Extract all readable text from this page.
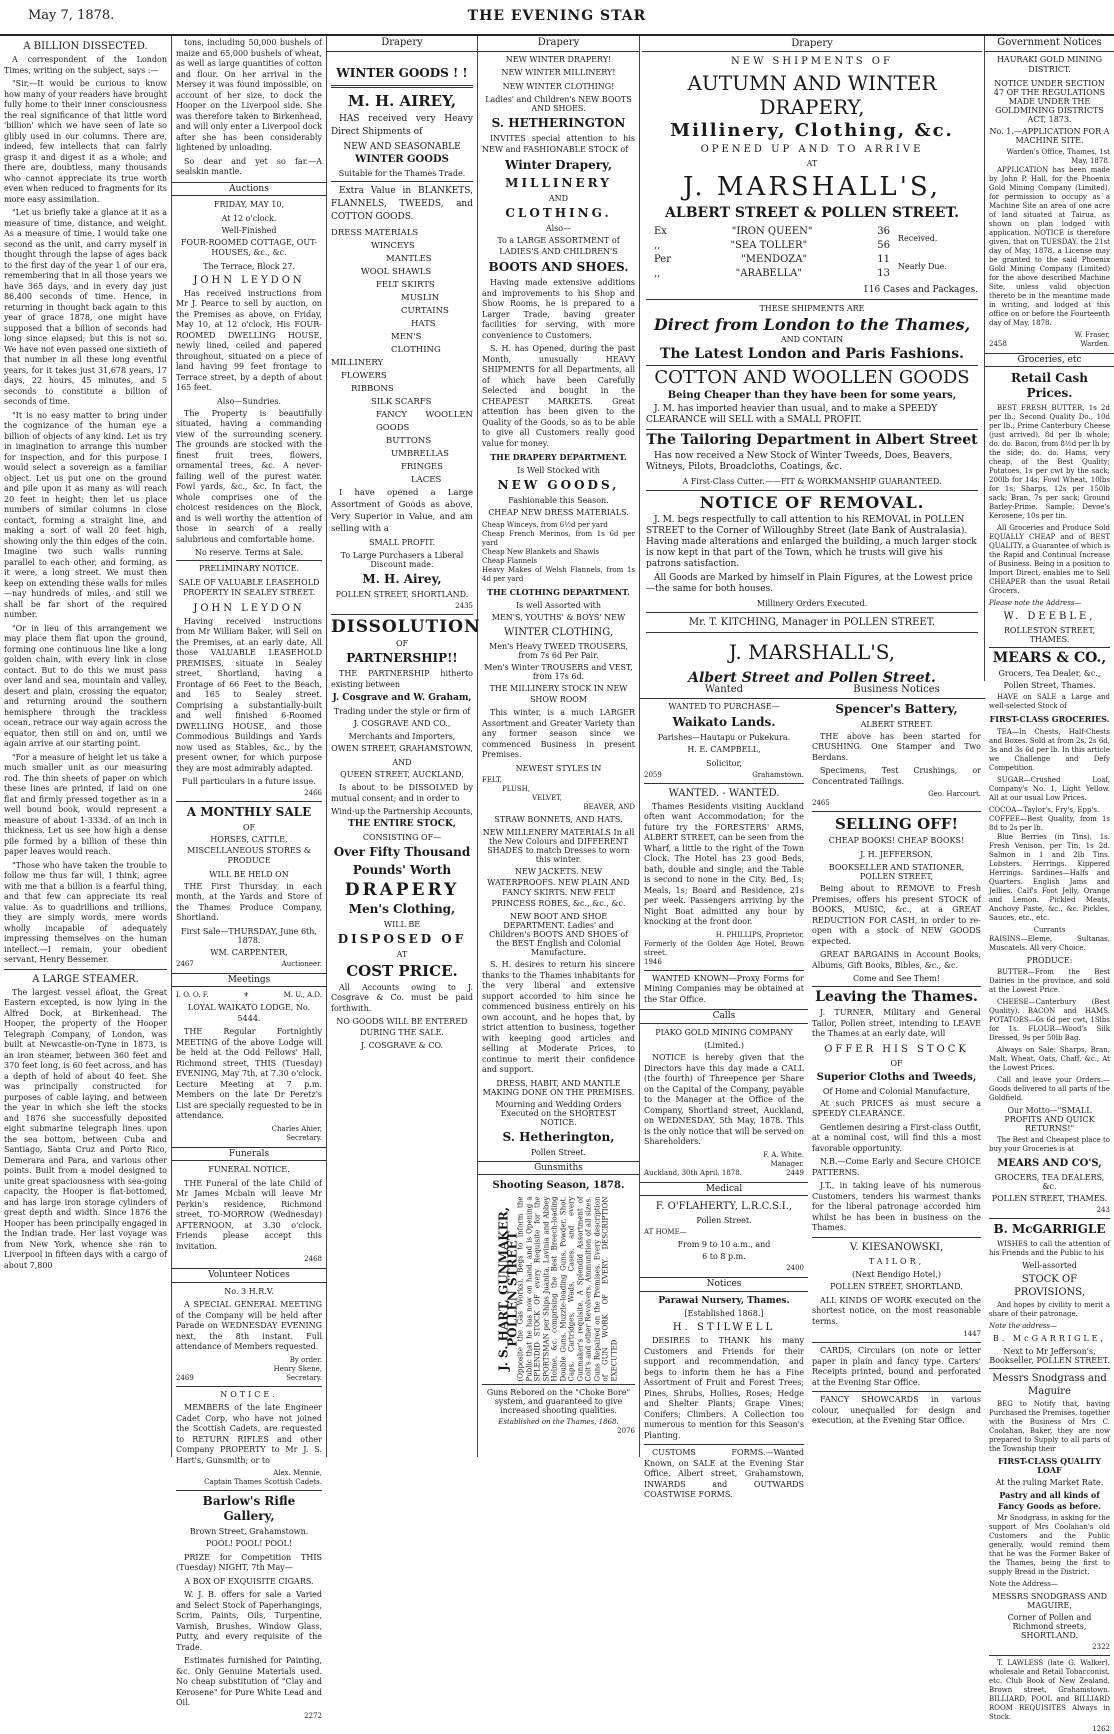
May 7, 1878.	THE EVENING STAR
A BILLION DISSECTED.
A correspondent of the London Times, writing on the subject, says :—
"Sir,—It would be curious to know how many of your readers have brought fully home to their inner consciousness the real significance of that little word 'billion' which we have seen of late so glibly used in our columns. There are, indeed, few intellects that can fairly grasp it and digest it as a whole; and there are, doubtless, many thousands who cannot appreciate its true worth even when reduced to fragments for its more easy assimilation.
"Let us briefly take a glance at it as a measure of time, distance, and weight. As a measure of time, I would take one second as the unit, and carry myself in thought through the lapse of ages back to the first day of the year 1 of our era, remembering that in all those years we have 365 days, and in every day just 86,400 seconds of time. Hence, in returning in thought back again to this year of grace 1878, one might have supposed that a billion of seconds had long since elapsed; but this is not so. We have not even passed one sixtieth of that number in all these long eventful years, for it takes just 31,678 years, 17 days, 22 hours, 45 minutes, and 5 seconds to constitute a billion of seconds of time.
"It is no easy matter to bring under the cognizance of the human eye a billion of objects of any kind. Let us try in imagination to arrange this number for inspection, and for this purpose I would select a sovereign as a familiar object. Let us put one on the ground and pile upon it as many as will reach 20 feet in height; then let us place numbers of similar columns in close contact, forming a straight line, and making a sort of wall 20 feet high, showing only the thin edges of the coin. Imagine two such walls running parallel to each other, and forming, as it were, a long street. We must then keep on extending these walls for miles—nay hundreds of miles, and still we shall be far short of the required number.
"Or in lieu of this arrangement we may place them flat upon the ground, forming one continuous line like a long golden chain, with every link in close contact. But to do this we must pass over land and sea, mountain and valley, desert and plain, crossing the equator, and returning around the southern hemisphere through the trackless ocean, retrace our way again across the equator, then still on and on, until we again arrive at our starting point.
"For a measure of height let us take a much smaller unit as our measuring rod. The thin sheets of paper on which these lines are printed, if laid on one flat and firmly pressed together as in a well bound book, would represent a measure of about 1-333d. of an inch in thickness. Let us see how high a dense pile formed by a billion of these thin paper leaves would reach.
"Those who have taken the trouble to follow me thus far will, I think, agree with me that a billion is a fearful thing, and that few can appreciate its real value. As to quadrillions and trillions, they are simply words, mere words wholly incapable of adequately impressing themselves on the human intellect.—I remain, your obedient servant, Henry Bessemer.
A LARGE STEAMER.
The largest vessel afloat, the Great Eastern excepted, is now lying in the Alfred Dock, at Birkenhead. The Hooper, the property of the Hooper Telegraph Company, of London, was built at Newcastle-on-Tyne in 1873, is an iron steamer, between 360 feet and 370 feet long, is 60 feet across, and has a depth of hold of about 40 feet. She was principally constructed for purposes of cable laying, and between the year in which she left the stocks and 1876 she successfully deposited eight submarine telegraph lines upon the sea bottom, between Cuba and Santiago, Santa Cruz and Porto Rico, Demerara and Para, and various other points. Built from a model designed to unite great spaciousness with sea-going capacity, the Hooper is flat-bottomed, and has large iron storage cylinders of great depth and width. Since 1876 the Hooper has been principally engaged in the Indian trade. Her last voyage was from New York, whence she ran to Liverpool in fifteen days with a cargo of about 7,800
tons, including 50,000 bushels of maize and 65,000 bushels of wheat, as well as large quantities of cotton and flour. On her arrival in the Mersey it was found impossible, on account of her size, to dock the Hooper on the Liverpool side. She was therefore taken to Birkenhead, and will only enter a Liverpool dock after she has been considerably lightened by unloading.
So dear and yet so far.—A sealskin mantle.
Auctions
FRIDAY, MAY 10,
At 12 o'clock.
Well-Finished
FOUR-ROOMED COTTAGE, OUT-HOUSES, &c., &c.
The Terrace, Block 27.
JOHN LEYDON
Has received instructions from Mr J. Pearce to sell by auction, on the Premises as above, on Friday, May 10, at 12 o'clock, His FOUR-ROOMED DWELLING HOUSE, newly lined, ceiled and papered throughout, situated on a piece of land having 99 feet frontage to Terrace street, by a depth of about 165 feet.
Also—Sundries.
The Property is beautifully situated, having a commanding view of the surrounding scenery. The grounds are stocked with the finest fruit trees, flowers, ornamental trees, &c. A never-failing well of the purest water. Fowl yards, &c., &c. In fact, the whole comprises one of the choicest residences on the Block, and is well worthy the attention of those in search of a really salubrious and comfortable home.
No reserve. Terms at Sale.
PRELIMINARY NOTICE.
SALE OF VALUABLE LEASEHOLD PROPERTY IN SEALEY STREET.
JOHN LEYDON
Having received instructions from Mr William Baker, will Sell on the Premises, at an early date, All those VALUABLE LEASEHOLD PREMISES, situate in Sealey street, Shortland, having a Frontage of 66 Feet to the Beach, and 165 to Sealey street. Comprising a substantially-built and well finished 6-Roomed DWELLING HOUSE, and those Commodious Buildings and Yards now used as Stables, &c., by the present owner, for which purpose they are most admirably adapted.
Full particulars in a future issue.
2466
A MONTHLY SALE
OF
HORSES, CATTLE, MISCELLANEOUS STORES & PRODUCE
WILL BE HELD ON
THE First Thursday in each month, at the Yards and Store of the Thames Produce Company, Shortland.
First Sale—THURSDAY, June 6th, 1878.
WM. CARPENTER,
2467	Auctioneer.
Meetings
I. O. O. F.	⚜	M. U., A.D.
LOYAL WAIKATO LODGE, No. 5444.
THE Regular Fortnightly MEETING of the above Lodge will be held at the Odd Fellows' Hall, Richmond street, THIS (Tuesday) EVENING, May 7th, at 7.30 o'clock. Lecture Meeting at 7 p.m. Members on the late Dr Peretz's List are specially requested to be in attendance.
Charles Ahier,
Secretary.
Funerals
FUNERAL NOTICE.
THE Funeral of the late Child of Mr James Mcbain will leave Mr Perkin's residence, Richmond street, TO-MORROW (Wednesday) AFTERNOON, at 3.30 o'clock. Friends please accept this invitation.
2468
Volunteer Notices
No. 3 H.R.V.
A SPECIAL GENERAL MEETING of the Company will be held after Parade on WEDNESDAY EVENING next, the 8th instant. Full attendance of Members requested.
By order.
Henry Skene,
2469	Secretary.
NOTICE.
MEMBERS of the late Engineer Cadet Corp, who have not joined the Scottish Cadets, are requested to RETURN RIFLES and other Company PROPERTY to Mr J. S. Hart's, Gunsmith; or to
Alex. Mennie,
Captain Thames Scottish Cadets.
Barlow's Rifle Gallery,
Brown Street, Grahamstown.
POOL! POOL! POOL!
PRIZE for Competition THIS (Tuesday) NIGHT, 7th May—
A BOX OF EXQUISITE CIGARS.
W. J. B. offers for sale a Varied and Select Stock of Paperhangings, Scrim, Paints, Oils, Turpentine, Varnish, Brushes, Window Glass, Putty, and every requisite of the Trade.
Estimates furnished for Painting, &c. Only Genuine Materials used. No cheap substitution of "Clay and Kerosene" for Pure White Lead and Oil.
2272
Drapery
WINTER GOODS ! !
M. H. AIREY,
HAS received very Heavy Direct Shipments of
NEW AND SEASONABLE
WINTER GOODS
Suitable for the Thames Trade.
Extra Value in BLANKETS, FLANNELS, TWEEDS, and COTTON GOODS.
DRESS MATERIALS
WINCEYS
MANTLES
WOOL SHAWLS
FELT SKIRTS
MUSLIN CURTAINS
HATS
MEN'S CLOTHING
MILLINERY
FLOWERS
RIBBONS
SILK SCARFS
FANCY WOOLLEN GOODS
BUTTONS
UMBRELLAS
FRINGES
LACES
I have opened a Large Assortment of Goods as above, Very Superior in Value, and am selling with a
SMALL PROFIT.
To Large Purchasers a Liberal Discount made.
M. H. Airey,
POLLEN STREET, SHORTLAND.
2435
DISSOLUTION
OF
PARTNERSHIP!!
THE PARTNERSHIP hitherto existing between
J. Cosgrave and W. Graham,
Trading under the style or firm of
J. COSGRAVE AND CO.,
Merchants and Importers,
OWEN STREET, GRAHAMSTOWN,
AND
QUEEN STREET, AUCKLAND,
Is about to be DISSOLVED by mutual consent; and in order to
Wind-up the Partnership Accounts,
THE ENTIRE STOCK,
CONSISTING OF—
Over Fifty Thousand
Pounds' Worth
DRAPERY
Men's Clothing,
WILL BE
DISPOSED OF
AT
COST PRICE.
All Accounts owing to J. Cosgrave & Co. must be paid forthwith.
NO GOODS WILL BE ENTERED DURING THE SALE.
J. COSGRAVE & CO.
Drapery
NEW WINTER DRAPERY!
NEW WINTER MILLINERY!
NEW WINTER CLOTHING!
Ladies' and Children's NEW BOOTS AND SHOES.
S. HETHERINGTON
INVITES special attention to his NEW and FASHIONABLE STOCK of
Winter Drapery,
MILLINERY
AND
CLOTHING.
Also—
To a LARGE ASSORTMENT of LADIES'S AND CHILDREN'S
BOOTS AND SHOES.
Having made extensive additions and improvements to his Shop and Show Rooms, he is prepared to a Larger Trade, having greater facilities for serving, with more convenience to Customers.
S. H. has Opened, during the past Month, unusually HEAVY SHIPMENTS for all Departments, all of which have been Carefully Selected and bought in the CHEAPEST MARKETS. Great attention has been given to the Quality of the Goods, so as to be able to give all Customers really good value for money.
THE DRAPERY DEPARTMENT.
Is Well Stocked with
NEW GOODS,
Fashionable this Season.
CHEAP NEW DRESS MATERIALS.
Cheap Winceys, from 6½d per yard
Cheap French Merinos, from 1s 6d per yard
Cheap New Blankets and Shawls
Cheap Flannels
Heavy Makes of Welsh Flannels, from 1s 4d per yard
THE CLOTHING DEPARTMENT.
Is well Assorted with
MEN'S, YOUTHS' & BOYS' NEW
WINTER CLOTHING,
Men's Heavy TWEED TROUSERS, from 7s 6d Per Pair.
Men's Winter TROUSERS and VEST, from 17s 6d.
THE MILLINERY STOCK IN NEW SHOW ROOM
This winter, is a much LARGER Assortment and Greater Variety than any former season since we commenced Business in present Premises.
NEWEST STYLES IN
FELT,
PLUSH,
VELVET,
BEAVER, AND
STRAW BONNETS, AND HATS.
NEW MILLENERY MATERIALS In all the New Colours and DIFFERENT SHADES to match Dresses to worn this winter.
NEW JACKETS. NEW WATERPROOFS. NEW PLAIN AND FANCY SKIRTS. NEW FELT PRINCESS ROBES, &c., &c., &c.
NEW BOOT AND SHOE DEPARTMENT. Ladies' and Children's BOOTS AND SHOES of the BEST English and Colonial Manufacture.
S. H. desires to return his sincere thanks to the Thames inhabitants for the very liberal and extensive support accorded to him since he commenced business entirely on his own account, and he hopes that, by strict attention to business, together with keeping good articles and selling at Moderate Prices, to continue to merit their confidence and support.
DRESS, HABIT, AND MANTLE MAKING DONE ON THE PREMISES.
Mourning and Wedding Orders Executed on the SHORTEST NOTICE.
S. Hetherington,
Pollen Street.
Gunsmiths
Shooting Season, 1878.
J. S. HART, GUNMAKER, POLLEN STREET
(Opposite the Gas Works), Begs to inform the Public that he has now on hand, and is Opening a SPLENDID STOCK OF every Requisite for the SPORTSMAN per Ships Juanita, Lavinia and Abbey Holme, &c. comprising the Best Breech-loading Double Guns, Muzzle-loading Guns, Powder, Shot, Caps, Cartridges, Wads, Cases, and every Gunmaker's requisite. A Splendid Assortment of Colt's and other Revolvers, Ammunition of all sizes. Guns Repaired on the Premises. Every description of GUN WORK OF EVERY DESCRIPTION EXECUTED.
Guns Rebored on the "Choke Bore" system, and guaranteed to give increased shooting qualities.
Established on the Thames, 1868.
2076
Drapery
NEW SHIPMENTS OF
AUTUMN AND WINTER DRAPERY,
Millinery, Clothing, &c.
OPENED UP AND TO ARRIVE
AT
J. MARSHALL'S,
ALBERT STREET & POLLEN STREET.
Ex	"IRON QUEEN"	36
,,	"SEA TOLLER"	56
Per	"MENDOZA"	11
,,	"ARABELLA"	13
Received.
Nearly Due.
116 Cases and Packages.
THESE SHIPMENTS ARE
Direct from London to the Thames,
AND CONTAIN
The Latest London and Paris Fashions.
COTTON AND WOOLLEN GOODS
Being Cheaper than they have been for some years,
J. M. has imported heavier than usual, and to make a SPEEDY CLEARANCE will SELL with a SMALL PROFIT.
The Tailoring Department in Albert Street
Has now received a New Stock of Winter Tweeds, Does, Beavers, Witneys, Pilots, Broadcloths, Coatings, &c.
A First-Class Cutter.——FIT & WORKMANSHIP GUARANTEED.
NOTICE OF REMOVAL.
J. M. begs respectfully to call attention to his REMOVAL in POLLEN STREET to the Corner of Willoughby Street (late Bank of Australasia). Having made alterations and enlarged the building, a much larger stock is now kept in that part of the Town, which he trusts will give his patrons satisfaction.
All Goods are Marked by himself in Plain Figures, at the Lowest price—the same for both houses.
Millinery Orders Executed.
Mr. T. KITCHING, Manager in POLLEN STREET.
J. MARSHALL'S,
Albert Street and Pollen Street.
Wanted
WANTED TO PURCHASE—
Waikato Lands.
Parishes—Hautapu or Pukekura.
H. E. CAMPBELL,
Solicitor,
2059	Grahamstown.
WANTED. - WANTED.
Thames Residents visiting Auckland often want Accommodation; for the future try the FORESTERS' ARMS, ALBERT STREET, can be seen from the Wharf, a little to the right of the Town Clock. The Hotel has 23 good Beds, bath, double and single; and the Table is second to none in the City. Bed, 1s; Meals, 1s; Board and Residence, 21s per week. Passengers arriving by the Night Boat admitted any hour by knocking at the front door.
H. PHILLIPS, Proprietor,
Formerly of the Golden Age Hotel, Brown street.
1946
WANTED KNOWN—Proxy Forms for Mining Companies may be obtained at the Star Office.
Calls
PIAKO GOLD MINING COMPANY
(Limited.)
NOTICE is hereby given that the Directors have this day made a CALL (the fourth) of Threepence per Share on the Capital of the Company, payable to the Manager at the Office of the Company, Shortland street, Auckland, on WEDNESDAY, 5th May, 1878. This is the only notice that will be served on Shareholders.
F. A. White.
Manager.
Auckland, 30th April, 1878.	2449
Medical
F. O'FLAHERTY, L.R.C.S.I.,
Pollen Street.
AT HOME—
From 9 to 10 a.m., and
6 to 8 p.m.
2400
Notices
Parawai Nursery, Thames.
[Established 1868.]
H. STILWELL
DESIRES to THANK his many Customers and Friends for their support and recommendation, and begs to inform them he has a Fine Assortment of Fruit and Forest Trees; Pines, Shrubs, Hollies, Roses; Hedge and Shelter Plants; Grape Vines; Conifers; Climbers. A Collection too numerous to mention for this Season's Planting.
CUSTOMS FORMS.—Wanted Known, on SALE at the Evening Star Office, Albert street, Grahamstown, INWARDS and OUTWARDS COASTWISE FORMS.
Business Notices
Spencer's Battery,
ALBERT STREET.
THE above has been started for CRUSHING. One Stamper and Two Berdans.
Specimens, Test Crushings, or Concentrated Tailings.
Geo. Harcourt.
2465
SELLING OFF!
CHEAP BOOKS! CHEAP BOOKS!
J. H. JEFFERSON,
BOOKSELLER AND STATIONER, POLLEN STREET,
Being about to REMOVE to Fresh Premises, offers his present STOCK of BOOKS, MUSIC, &c., at a GREAT REDUCTION FOR CASH, in order to re-open with a stock of NEW GOODS expected.
GREAT BARGAINS in Account Books, Albums, Gift Books, Bibles, &c., &c.
Come and See Them!
Leaving the Thames.
J. TURNER, Military and General Tailor, Pollen street, intending to LEAVE the Thames at an early date, will
OFFER HIS STOCK
OF
Superior Cloths and Tweeds,
Of Home and Colonial Manufacture,
At such PRICES as must secure a SPEEDY CLEARANCE.
Gentlemen desiring a First-class Outfit, at a nominal cost, will find this a most favorable opportunity.
N.B.—Come Early and Secure CHOICE PATTERNS.
J.T., in taking leave of his numerous Customers, tenders his warmest thanks for the liberal patronage accorded him whilst he has been in business on the Thames.
V. KIESANOWSKI,
TAILOR,
(Next Bendigo Hotel,)
POLLEN STREET, SHORTLAND.
ALL KINDS OF WORK executed on the shortest notice, on the most reasonable terms.
1447
CARDS, Circulars (on note or letter paper in plain and fancy type. Carters' Receipts printed, bound and perforated at the Evening Star Office.
FANCY SHOWCARDS in various colour, unequalled for design and execution, at the Evening Star Office.
Government Notices
HAURAKI GOLD MINING DISTRICT.
NOTICE UNDER SECTION 47 OF THE REGULATIONS MADE UNDER THE GOLDMINING DISTRICTS ACT, 1873.
No. 1.—APPLICATION FOR A MACHINE SITE.
Warden's Office, Thames, 1st May, 1878.
APPLICATION has been made by John P. Hall, for the Phoenix Gold Mining Company (Limited), for permission to occupy as a Machine Site an area of one acre of land situated at Tairua, as shown on plan lodged with application. NOTICE is therefore given, that on TUESDAY, the 21st day of May, 1878, a License may be granted to the said Phoenix Gold Mining Company (Limited) for the above described Machine Site, unless valid objection thereto be in the meantime made in writing, and lodged at this office on or before the Fourteenth day of May, 1878.
W. Fraser,
2458	Warden.
Groceries, etc
Retail Cash Prices.
BEST FRESH BUTTER, 1s 2d per lb.; Second Quality Do., 10d per lb.; Prime Canterbury Cheese (just arrived), 8d per lb whole; do. do. Bacon, from 8½d per lb by the side; do. do. Hams, very cheap, of the Best Quality; Potatoes, 1s per cwt by the sack; 200lb for 14s; Fowl Wheat, 10lbs for 1s; Sharps, 12s per 150lb sack; Bran, 7s per sack; Ground Barley-Prime. Sample; Devoe's Kerosene, 10s per tin.
All Groceries and Produce Sold EQUALLY CHEAP and of BEST QUALITY, a Guarantee of which is the Rapid and Continual Increase of Business. Being in a position to Import Direct, enables me to Sell CHEAPER than the usual Retail Grocers.
Please note the Address—
W. DEEBLE,
ROLLESTON STREET, THAMES.
MEARS & CO.,
Grocers, Tea Dealer, &c.,
Pollen Street, Thames.
HAVE on SALE a Large and well-selected Stock of
FIRST-CLASS GROCERIES.
TEA—In Chests, Half-Chests and Boxes. Sold at from 2s, 2s 6d, 3s and 3s 6d per lb. In this article we Challenge and Defy Competition.
SUGAR—Crushed Loaf, Company's No. 1, Light Yellow. All at our usual Low Prices.
COCOA—Taylor's, Fry's, Epp's.
COFFEE—Best Quality, from 1s 8d to 2s per lb.
Blue Berries (in Tins), 1s. Fresh Venison, per Tin, 1s 2d. Salmon in 1 and 2lb Tins. Lobsters. Herrings. Kippered Herrings. Sardines—Halfs and Quarters. English Jams and Jellies. Calf's Foot Jelly, Orange and Lemon. Pickled Meats, Anchovy Paste, &c., &c. Pickles, Sauces, etc., etc.
Currants
RAISINS—Eleme, Sultanas, Muscatels. All very Choice.
PRODUCE:
BUTTER—From the Best Dairies in the province, and sold at the Lowest Price.
CHEESE—Canterbury (Best Quality). BACON and HAMS. POTATOES—6s 6d per cwt, 1Slbs for 1s. FLOUR—Wood's Silk Dressed, 9s per 50lb Bag.
Always on Sale: Sharps, Bran, Malt, Wheat, Oats, Chaff, &c., At the Lowest Prices.
Call and leave your Orders.—Goods delivered to all parts of the Goldfield.
Our Motto—"SMALL PROFITS AND QUICK RETURNS!"
The Best and Cheapest place to buy your Groceries is at
MEARS AND CO'S,
GROCERS, TEA DEALERS, &c.
POLLEN STREET, THAMES.
243
B. McGARRIGLE
WISHES to call the attention of his Friends and the Public to his
Well-assorted
STOCK OF PROVISIONS,
And hopes by civility to merit a share of their patronage.
Note the address—
B. McGARRIGLE,
Next to Mr Jefferson's, Bookseller, POLLEN STREET.
Messrs Snodgrass and Maguire
BEG to Notify that, having Purchased the Premises, together with the Business of Mrs C. Coolahan, Baker, they are now prepared to Supply to all parts of the Township their
FIRST-CLASS QUALITY LOAF
At the ruling Market Rate.
Pastry and all kinds of Fancy Goods as before.
Mr Snodgrass, in asking for the support of Mrs Coolahan's old Customers and the Public generally, would remind them that he was the Former Baker of the Thames, being the first to supply Bread in the District.
Note the Address—
MESSRS SNODGRASS AND MAGUIRE,
Corner of Pollen and Richmond streets, SHORTLAND.
2322
T. LAWLESS (late G. Walker), wholesale and Retail Tobacconist, etc. Club Book of New Zealand, Brown street, Grahamstown. BILLIARD, POOL and BILLIARD ROOM REQUISITES Always in Stock.
1262
